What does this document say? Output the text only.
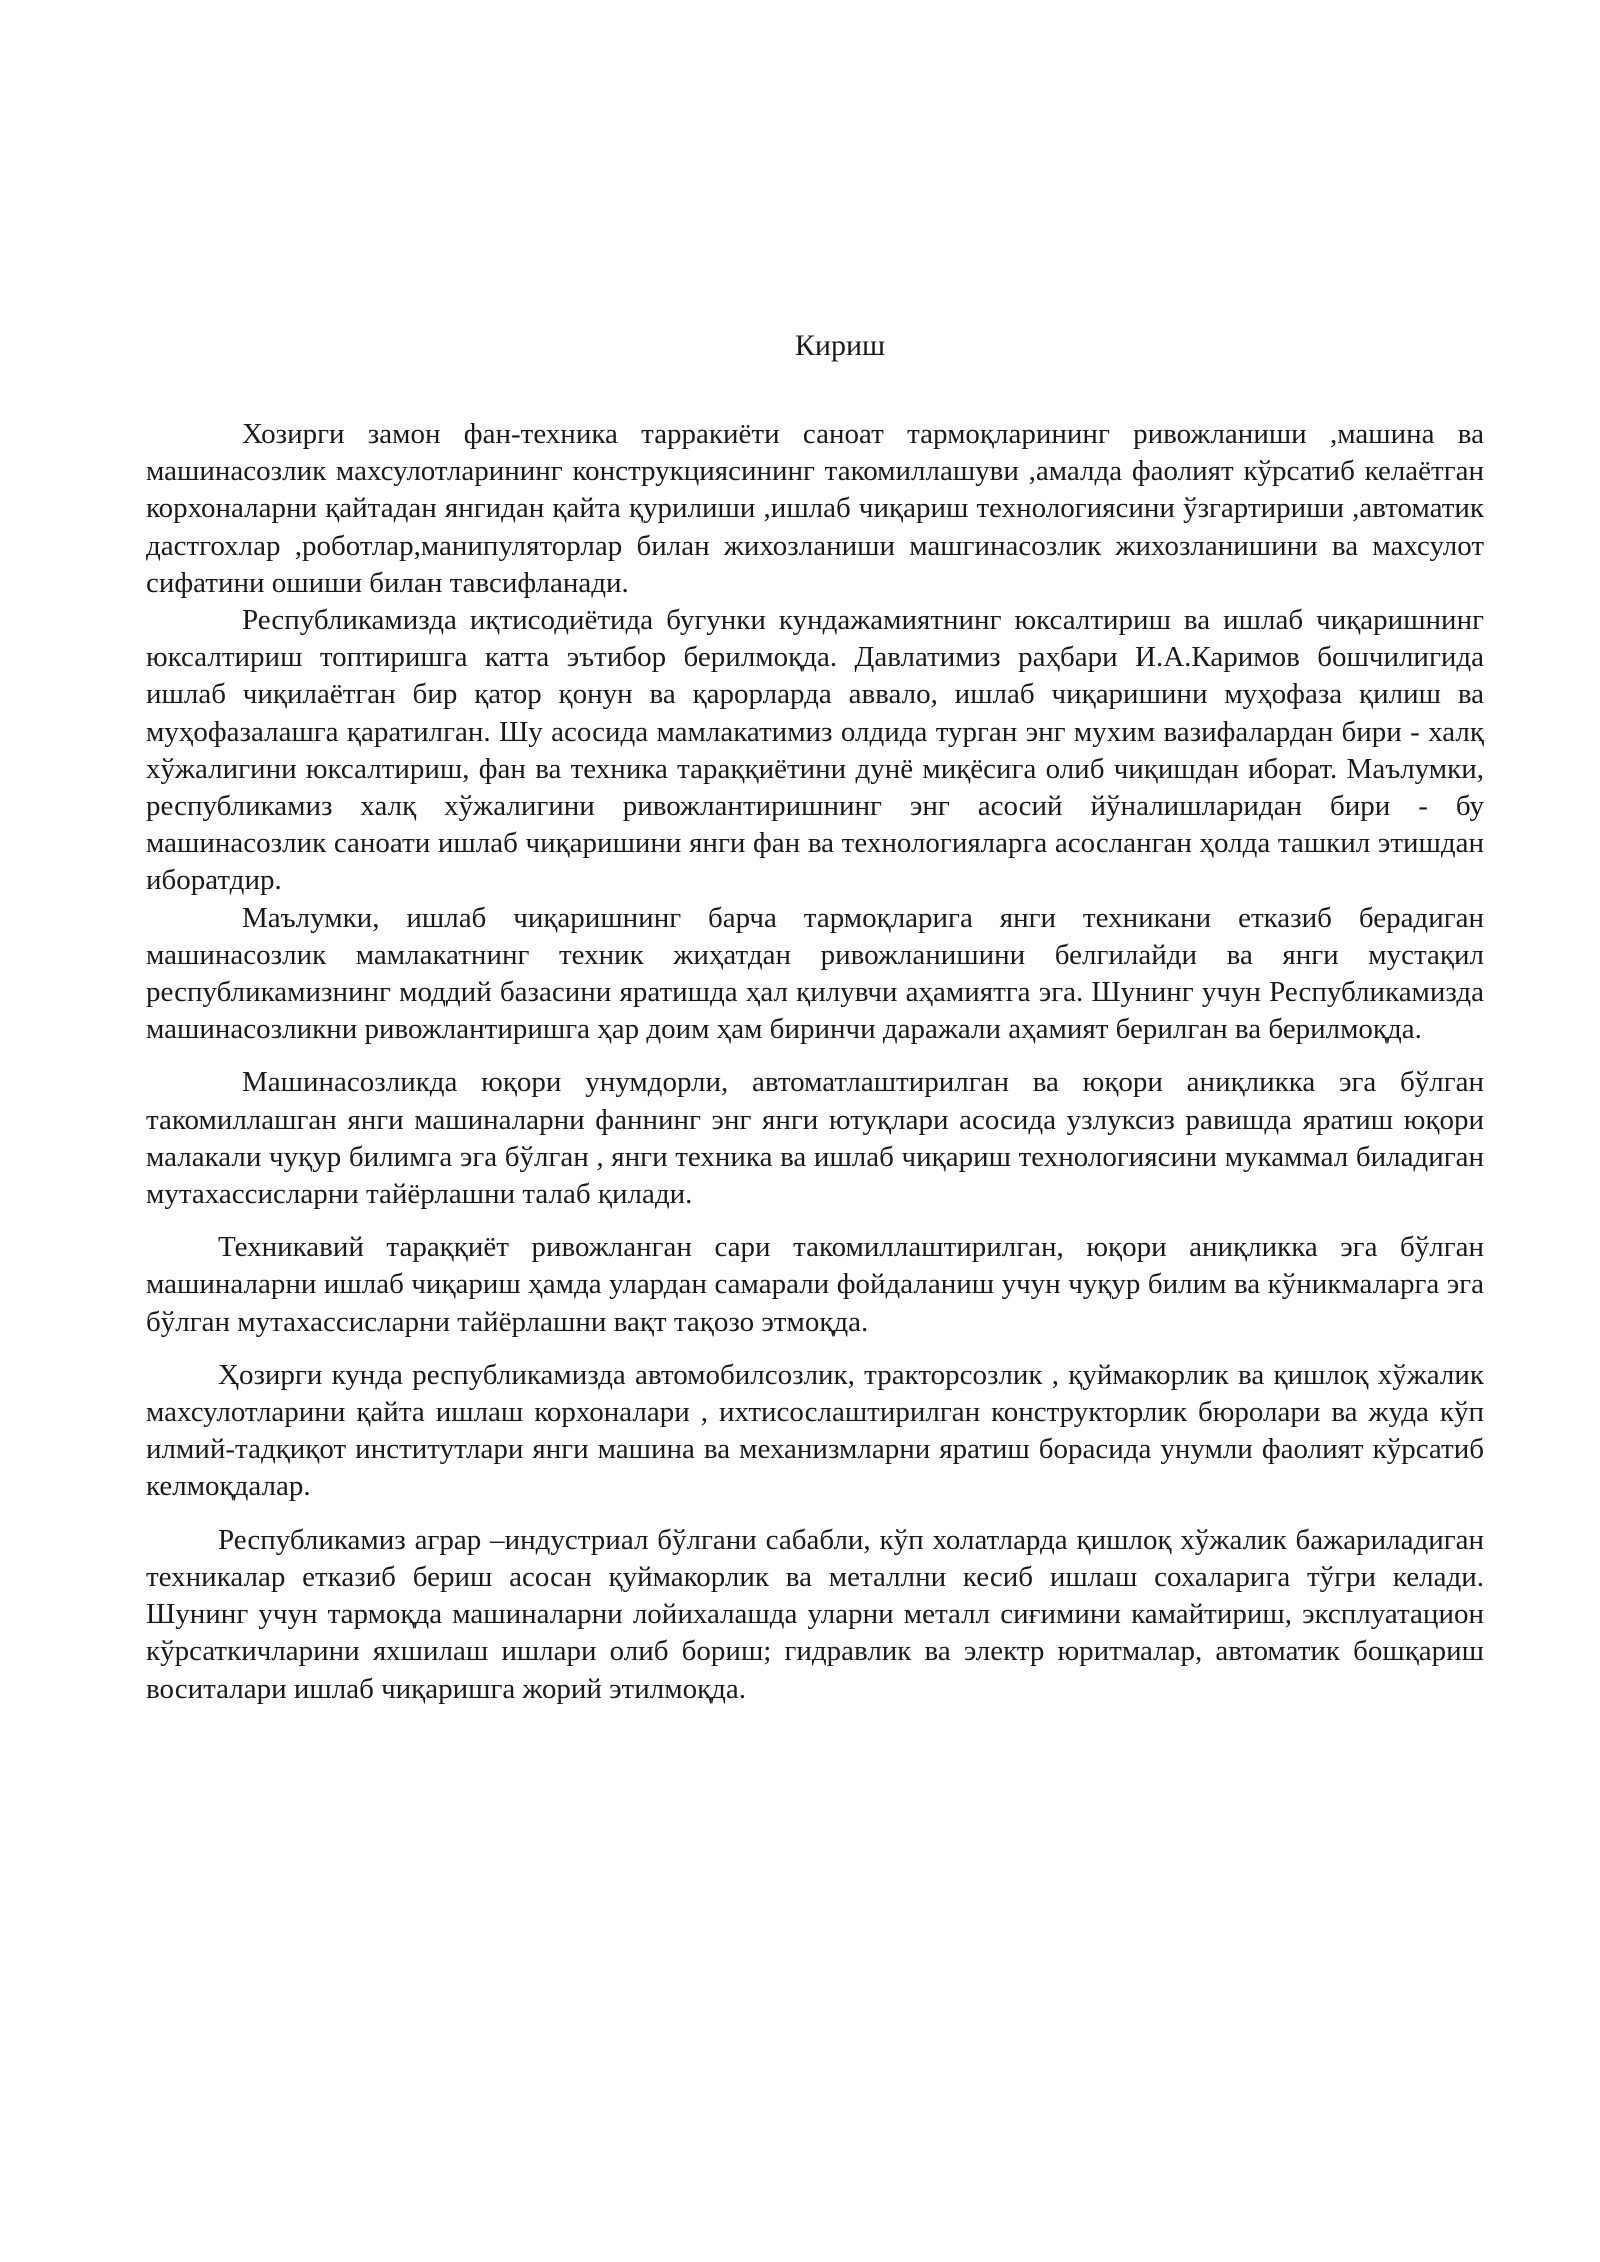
Кириш

Хозирги замон фан-техника тарракиёти саноат тармоқларининг ривожланиши ,машина ва машинасозлик махсулотларининг конструкциясининг такомиллашуви ,амалда фаолият кўрсатиб келаётган корхоналарни қайтадан янгидан қайта қурилиши ,ишлаб чиқариш технологиясини ўзгартириши ,автоматик дастгохлар ,роботлар,манипуляторлар билан жихозланиши машгинасозлик жихозланишини ва махсулот сифатини ошиши билан тавсифланади.

Республикамизда иқтисодиётида бугунки кундажамиятнинг юксалтириш ва ишлаб чиқаришнинг юксалтириш топтиришга катта эътибор берилмоқда. Давлатимиз раҳбари И.А.Каримов бошчилигида ишлаб чиқилаётган бир қатор қонун ва қарорларда аввало, ишлаб чиқаришини муҳофаза қилиш ва муҳофазалашга қаратилган. Шу асосида мамлакатимиз олдида турган энг мухим вазифалардан бири - халқ хўжалигини юксалтириш, фан ва техника тараққиётини дунё миқёсига олиб чиқишдан иборат. Маълумки, республикамиз халқ хўжалигини ривожлантиришнинг энг асосий йўналишларидан бири - бу машинасозлик саноати ишлаб чиқаришини янги фан ва технологияларга асосланган ҳолда ташкил этишдан иборатдир.

Маълумки, ишлаб чиқаришнинг барча тармоқларига янги техникани етказиб берадиган машинасозлик мамлакатнинг техник жиҳатдан ривожланишини белгилайди ва янги мустақил республикамизнинг моддий базасини яратишда ҳал қилувчи аҳамиятга эга. Шунинг учун Республикамизда машинасозликни ривожлантиришга ҳар доим ҳам биринчи даражали аҳамият берилган ва берилмоқда.

Машинасозликда юқори унумдорли, автоматлаштирилган ва юқори аниқликка эга бўлган такомиллашган янги машиналарни фаннинг энг янги ютуқлари асосида узлуксиз равишда яратиш юқори малакали чуқур билимга эга бўлган , янги техника ва ишлаб чиқариш технологиясини мукаммал биладиган мутахассисларни тайёрлашни талаб қилади.

Техникавий тараққиёт ривожланган сари такомиллаштирилган, юқори аниқликка эга бўлган машиналарни ишлаб чиқариш ҳамда улардан самарали фойдаланиш учун чуқур билим ва кўникмаларга эга бўлган мутахассисларни тайёрлашни вақт тақозо этмоқда.

Ҳозирги кунда республикамизда автомобилсозлик, тракторсозлик , қуймакорлик ва қишлоқ хўжалик махсулотларини қайта ишлаш корхоналари , ихтисослаштирилган конструкторлик бюролари ва жуда кўп илмий-тадқиқот институтлари янги машина ва механизмларни яратиш борасида унумли фаолият кўрсатиб келмоқдалар.

Республикамиз аграр –индустриал бўлгани сабабли, кўп холатларда қишлоқ хўжалик бажариладиган техникалар етказиб бериш асосан қуймакорлик ва металлни кесиб ишлаш сохаларига тўгри келади. Шунинг учун тармоқда машиналарни лойихалашда уларни металл сиғимини камайтириш, эксплуатацион кўрсаткичларини яхшилаш ишлари олиб бориш; гидравлик ва электр юритмалар, автоматик бошқариш воситалари ишлаб чиқаришга жорий этилмоқда.
